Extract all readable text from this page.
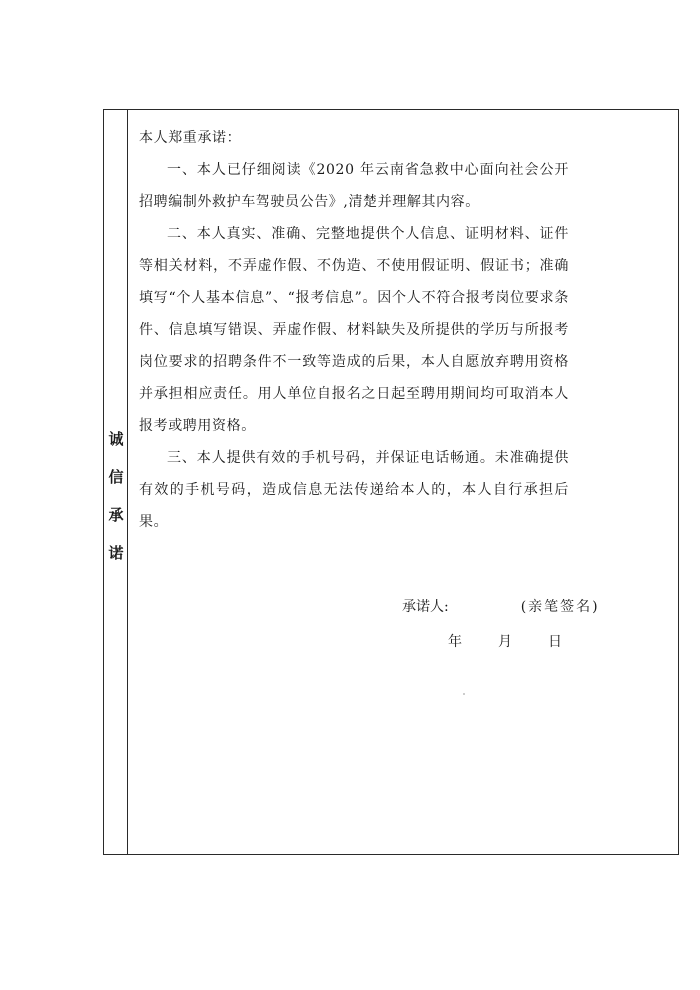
诚
信
承
诺

本人郑重承诺：

一、本人已仔细阅读《2020 年云南省急救中心面向社会公开招聘编制外救护车驾驶员公告》,清楚并理解其内容。

二、本人真实、准确、完整地提供个人信息、证明材料、证件等相关材料，不弄虚作假、不伪造、不使用假证明、假证书；准确填写“个人基本信息”、“报考信息”。因个人不符合报考岗位要求条件、信息填写错误、弄虚作假、材料缺失及所提供的学历与所报考岗位要求的招聘条件不一致等造成的后果，本人自愿放弃聘用资格并承担相应责任。用人单位自报名之日起至聘用期间均可取消本人报考或聘用资格。

三、本人提供有效的手机号码，并保证电话畅通。未准确提供有效的手机号码，造成信息无法传递给本人的，本人自行承担后果。

承诺人:	(亲笔签名)
年	月	日
